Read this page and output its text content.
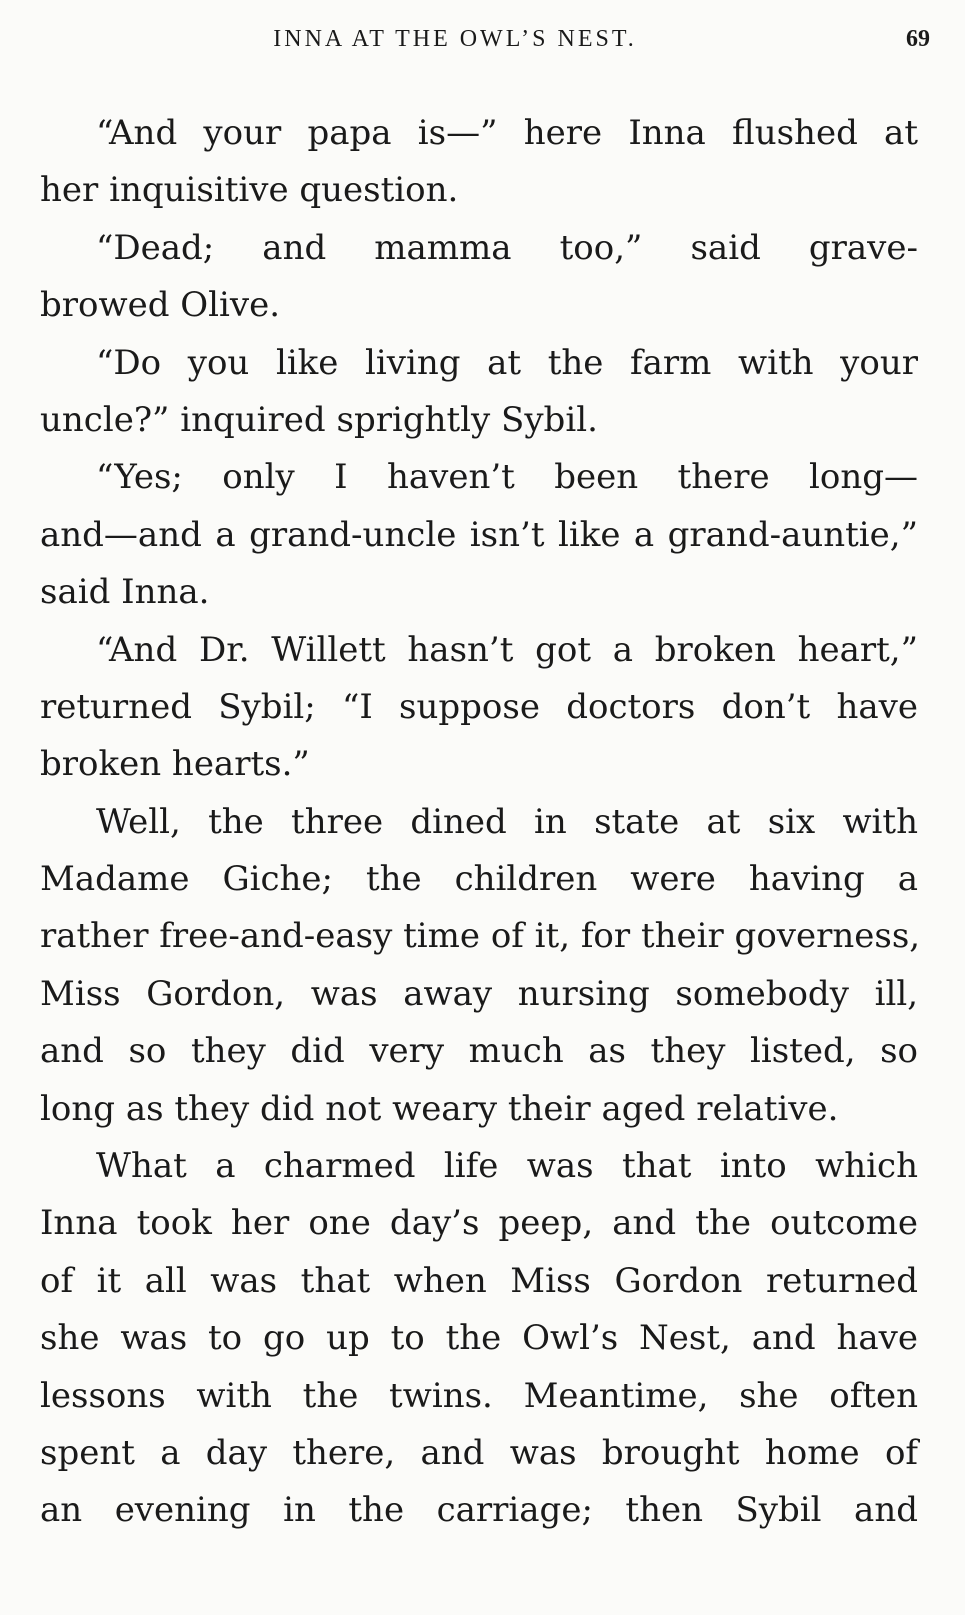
INNA AT THE OWL’S NEST.	69
“And your papa is—” here Inna flushed at
her inquisitive question.
“Dead; and mamma too,” said grave-
browed Olive.
“Do you like living at the farm with your
uncle?” inquired sprightly Sybil.
“Yes; only I haven’t been there long—
and—and a grand-uncle isn’t like a grand-auntie,”
said Inna.
“And Dr. Willett hasn’t got a broken heart,”
returned Sybil; “I suppose doctors don’t have
broken hearts.”
Well, the three dined in state at six with
Madame Giche; the children were having a
rather free-and-easy time of it, for their governess,
Miss Gordon, was away nursing somebody ill,
and so they did very much as they listed, so
long as they did not weary their aged relative.
What a charmed life was that into which
Inna took her one day’s peep, and the outcome
of it all was that when Miss Gordon returned
she was to go up to the Owl’s Nest, and have
lessons with the twins. Meantime, she often
spent a day there, and was brought home of
an evening in the carriage; then Sybil and
